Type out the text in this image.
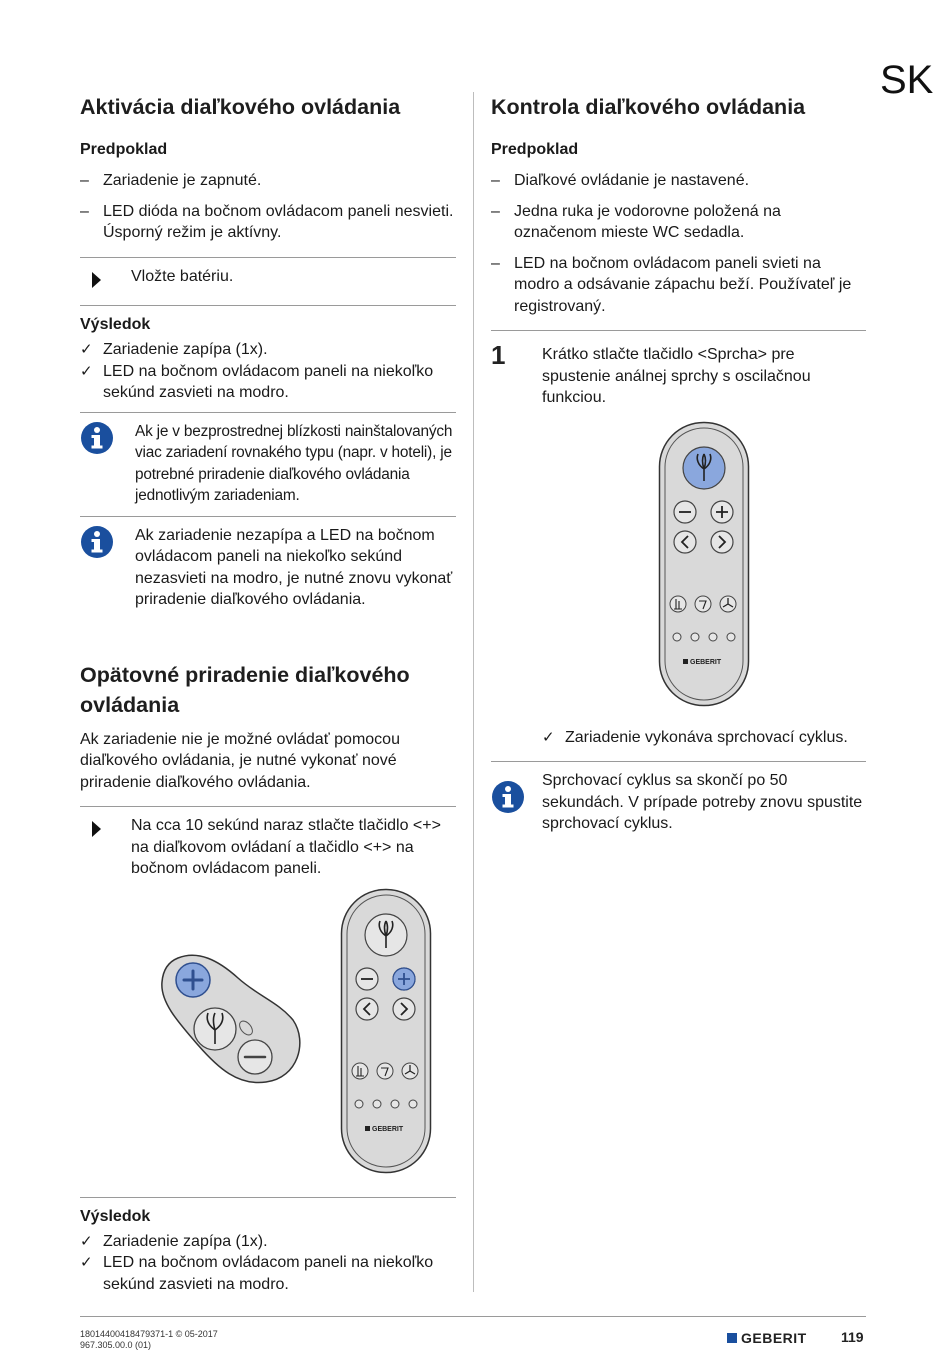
SK
Aktivácia diaľkového ovládania
Predpoklad
– Zariadenie je zapnuté.
– LED dióda na bočnom ovládacom paneli nesvieti. Úsporný režim je aktívny.

Vložte batériu.

Výsledok
✓ Zariadenie zapípa (1x).
✓ LED na bočnom ovládacom paneli na niekoľko sekúnd zasvieti na modro.

Ak je v bezprostrednej blízkosti nainštalovaných viac zariadení rovnakého typu (napr. v hoteli), je potrebné priradenie diaľkového ovládania jednotlivým zariadeniam.

Ak zariadenie nezapípa a LED na bočnom ovládacom paneli na niekoľko sekúnd nezasvieti na modro, je nutné znovu vykonať priradenie diaľkového ovládania.

Opätovné priradenie diaľkového ovládania

Ak zariadenie nie je možné ovládať pomocou diaľkového ovládania, je nutné vykonať nové priradenie diaľkového ovládania.

Na cca 10 sekúnd naraz stlačte tlačidlo <+> na diaľkovom ovládaní a tlačidlo <+> na bočnom ovládacom paneli.

GEBERIT
Výsledok
✓ Zariadenie zapípa (1x).
✓ LED na bočnom ovládacom paneli na niekoľko sekúnd zasvieti na modro.
Kontrola diaľkového ovládania
Predpoklad
– Diaľkové ovládanie je nastavené.
– Jedna ruka je vodorovne položená na označenom mieste WC sedadla.
– LED na bočnom ovládacom paneli svieti na modro a odsávanie zápachu beží. Používateľ je registrovaný.
1 Krátko stlačte tlačidlo <Sprcha> pre spustenie análnej sprchy s oscilačnou funkciou.

GEBERIT
✓ Zariadenie vykonáva sprchovací cyklus.

Sprchovací cyklus sa skončí po 50 sekundách. V prípade potreby znovu spustite sprchovací cyklus.

18014400418479371-1 © 05-2017
967.305.00.0 (01)	GEBERIT 119
